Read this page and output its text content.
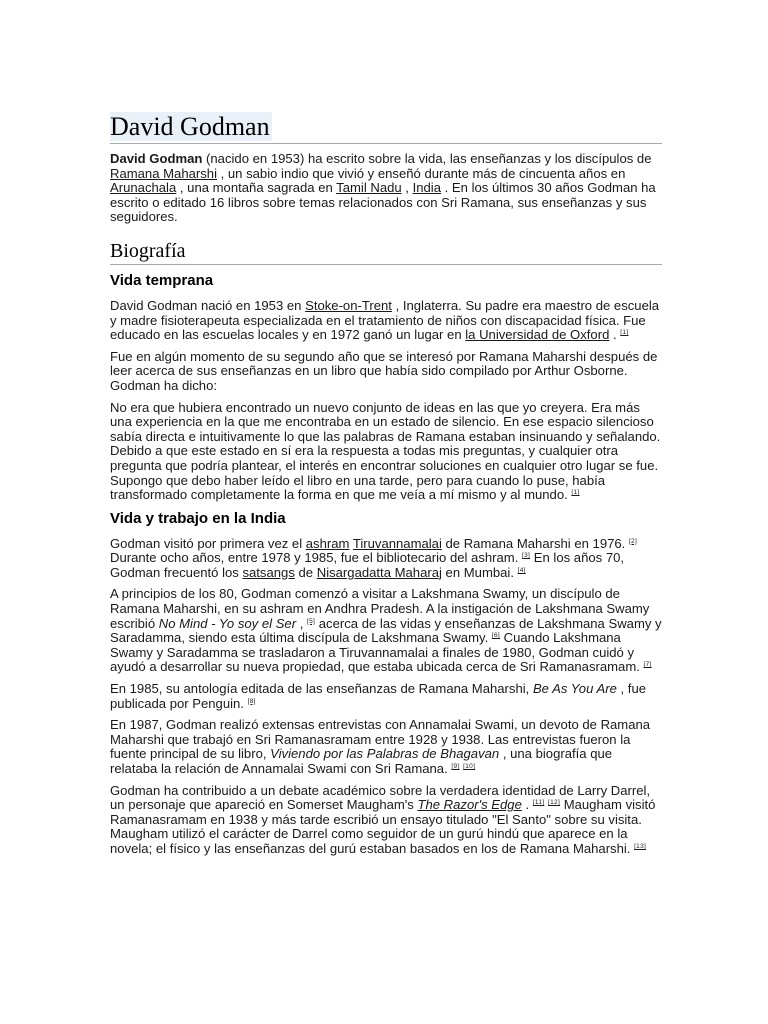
David Godman

David Godman (nacido en 1953) ha escrito sobre la vida, las enseñanzas y los discípulos de Ramana Maharshi , un sabio indio que vivió y enseñó durante más de cincuenta años en Arunachala , una montaña sagrada en Tamil Nadu , India . En los últimos 30 años Godman ha escrito o editado 16 libros sobre temas relacionados con Sri Ramana, sus enseñanzas y sus seguidores.

Biografía
Vida temprana

David Godman nació en 1953 en Stoke-on-Trent , Inglaterra. Su padre era maestro de escuela y madre fisioterapeuta especializada en el tratamiento de niños con discapacidad física. Fue educado en las escuelas locales y en 1972 ganó un lugar en la Universidad de Oxford . [1]

Fue en algún momento de su segundo año que se interesó por Ramana Maharshi después de leer acerca de sus enseñanzas en un libro que había sido compilado por Arthur Osborne. Godman ha dicho:

No era que hubiera encontrado un nuevo conjunto de ideas en las que yo creyera. Era más una experiencia en la que me encontraba en un estado de silencio. En ese espacio silencioso sabía directa e intuitivamente lo que las palabras de Ramana estaban insinuando y señalando. Debido a que este estado en sí era la respuesta a todas mis preguntas, y cualquier otra pregunta que podría plantear, el interés en encontrar soluciones en cualquier otro lugar se fue. Supongo que debo haber leído el libro en una tarde, pero para cuando lo puse, había transformado completamente la forma en que me veía a mí mismo y al mundo. [1]

Vida y trabajo en la India

Godman visitó por primera vez el ashram Tiruvannamalai de Ramana Maharshi en 1976. [2] Durante ocho años, entre 1978 y 1985, fue el bibliotecario del ashram. [3] En los años 70, Godman frecuentó los satsangs de Nisargadatta Maharaj en Mumbai. [4]

A principios de los 80, Godman comenzó a visitar a Lakshmana Swamy, un discípulo de Ramana Maharshi, en su ashram en Andhra Pradesh. A la instigación de Lakshmana Swamy escribió No Mind - Yo soy el Ser , [5] acerca de las vidas y enseñanzas de Lakshmana Swamy y Saradamma, siendo esta última discípula de Lakshmana Swamy. [6] Cuando Lakshmana Swamy y Saradamma se trasladaron a Tiruvannamalai a finales de 1980, Godman cuidó y ayudó a desarrollar su nueva propiedad, que estaba ubicada cerca de Sri Ramanasramam. [7]

En 1985, su antología editada de las enseñanzas de Ramana Maharshi, Be As You Are , fue publicada por Penguin. [8]

En 1987, Godman realizó extensas entrevistas con Annamalai Swami, un devoto de Ramana Maharshi que trabajó en Sri Ramanasramam entre 1928 y 1938. Las entrevistas fueron la fuente principal de su libro, Viviendo por las Palabras de Bhagavan , una biografía que relataba la relación de Annamalai Swami con Sri Ramana. [9] [10]

Godman ha contribuido a un debate académico sobre la verdadera identidad de Larry Darrel, un personaje que apareció en Somerset Maugham's The Razor's Edge . [11] [12] Maugham visitó Ramanasramam en 1938 y más tarde escribió un ensayo titulado "El Santo" sobre su visita. Maugham utilizó el carácter de Darrel como seguidor de un gurú hindú que aparece en la novela; el físico y las enseñanzas del gurú estaban basados en los de Ramana Maharshi. [13]
